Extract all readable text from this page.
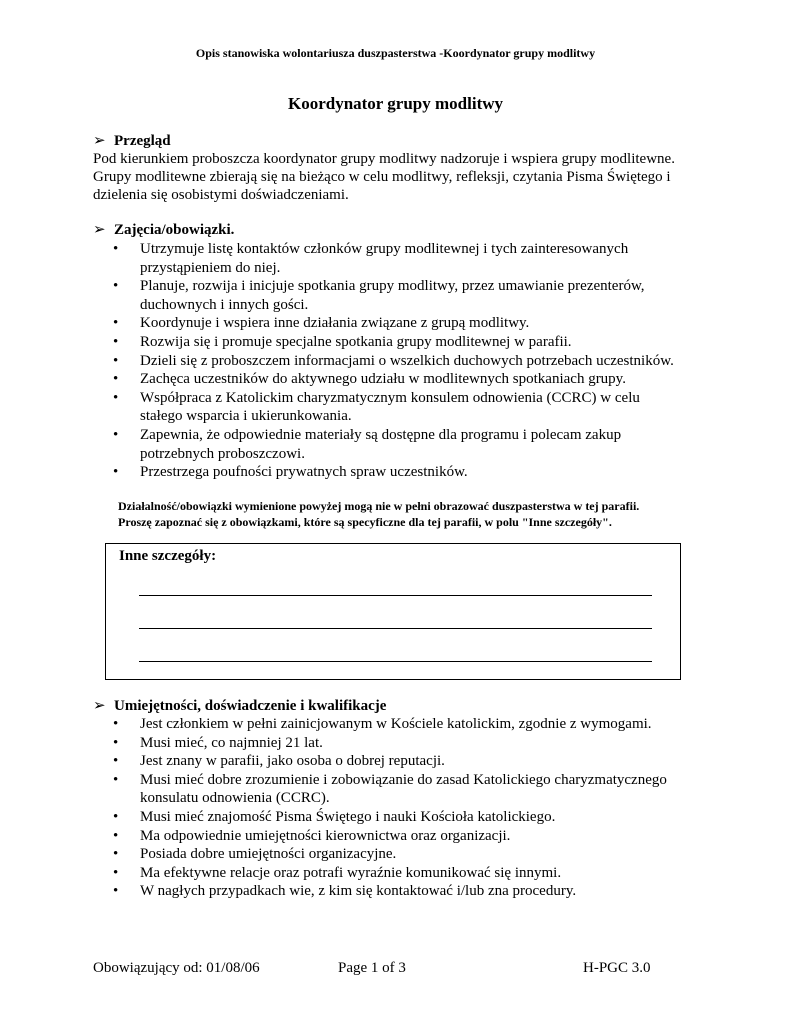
Opis stanowiska wolontariusza duszpasterstwa -Koordynator grupy modlitwy
Koordynator grupy modlitwy
➢ Przegląd
Pod kierunkiem proboszcza koordynator grupy modlitwy nadzoruje i wspiera grupy modlitewne.
Grupy modlitewne zbierają się na bieżąco w celu modlitwy, refleksji, czytania Pisma Świętego i
dzielenia się osobistymi doświadczeniami.
➢ Zajęcia/obowiązki.
• Utrzymuje listę kontaktów członków grupy modlitewnej i tych zainteresowanych
przystąpieniem do niej.
• Planuje, rozwija i inicjuje spotkania grupy modlitwy, przez umawianie prezenterów,
duchownych i innych gości.
• Koordynuje i wspiera inne działania związane z grupą modlitwy.
• Rozwija się i promuje specjalne spotkania grupy modlitewnej w parafii.
• Dzieli się z proboszczem informacjami o wszelkich duchowych potrzebach uczestników.
• Zachęca uczestników do aktywnego udziału w modlitewnych spotkaniach grupy.
• Współpraca z Katolickim charyzmatycznym konsulem odnowienia (CCRC) w celu
stałego wsparcia i ukierunkowania.
• Zapewnia, że odpowiednie materiały są dostępne dla programu i polecam zakup
potrzebnych proboszczowi.
• Przestrzega poufności prywatnych spraw uczestników.
Działalność/obowiązki wymienione powyżej mogą nie w pełni obrazować duszpasterstwa w tej parafii.
Proszę zapoznać się z obowiązkami, które są specyficzne dla tej parafii, w polu "Inne szczegóły".
Inne szczegóły:
➢ Umiejętności, doświadczenie i kwalifikacje
• Jest członkiem w pełni zainicjowanym w Kościele katolickim, zgodnie z wymogami.
• Musi mieć, co najmniej 21 lat.
• Jest znany w parafii, jako osoba o dobrej reputacji.
• Musi mieć dobre zrozumienie i zobowiązanie do zasad Katolickiego charyzmatycznego
konsulatu odnowienia (CCRC).
• Musi mieć znajomość Pisma Świętego i nauki Kościoła katolickiego.
• Ma odpowiednie umiejętności kierownictwa oraz organizacji.
• Posiada dobre umiejętności organizacyjne.
• Ma efektywne relacje oraz potrafi wyraźnie komunikować się innymi.
• W nagłych przypadkach wie, z kim się kontaktować i/lub zna procedury.
Obowiązujący od: 01/08/06	Page 1 of 3	H-PGC 3.0
